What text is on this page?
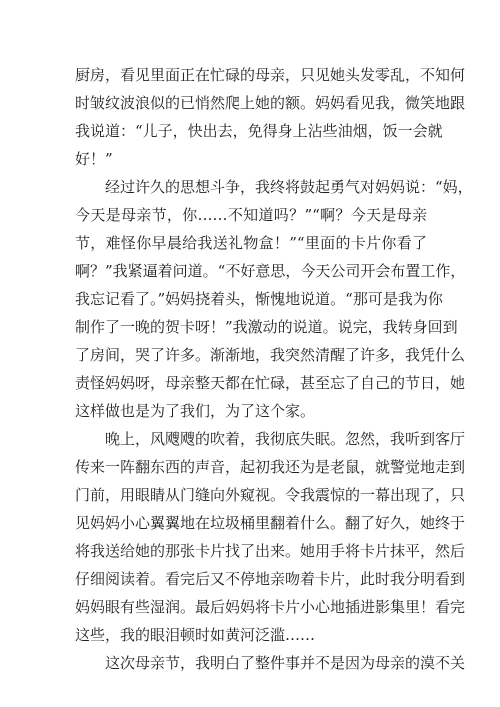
厨房，看见里面正在忙碌的母亲，只见她头发零乱，不知何
时皱纹波浪似的已悄然爬上她的额。妈妈看见我，微笑地跟
我说道：“儿子，快出去，免得身上沾些油烟，饭一会就
好！”
经过许久的思想斗争，我终将鼓起勇气对妈妈说：“妈，
今天是母亲节，你……不知道吗？”“啊？今天是母亲
节，难怪你早晨给我送礼物盒！”“里面的卡片你看了
啊？”我紧逼着问道。“不好意思，今天公司开会布置工作，
我忘记看了。”妈妈挠着头，惭愧地说道。“那可是我为你
制作了一晚的贺卡呀！”我激动的说道。说完，我转身回到
了房间，哭了许多。渐渐地，我突然清醒了许多，我凭什么
责怪妈妈呀，母亲整天都在忙碌，甚至忘了自己的节日，她
这样做也是为了我们，为了这个家。
晚上，风飕飕的吹着，我彻底失眠。忽然，我听到客厅
传来一阵翻东西的声音，起初我还为是老鼠，就警觉地走到
门前，用眼睛从门缝向外窥视。令我震惊的一幕出现了，只
见妈妈小心翼翼地在垃圾桶里翻着什么。翻了好久，她终于
将我送给她的那张卡片找了出来。她用手将卡片抹平，然后
仔细阅读着。看完后又不停地亲吻着卡片，此时我分明看到
妈妈眼有些湿润。最后妈妈将卡片小心地插进影集里！看完
这些，我的眼泪顿时如黄河泛滥……
这次母亲节，我明白了整件事并不是因为母亲的漠不关
